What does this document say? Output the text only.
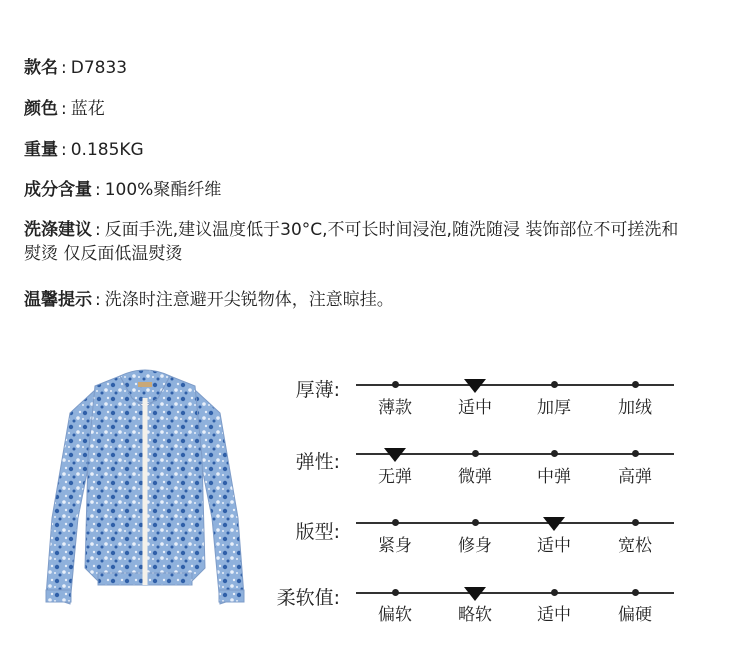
款名 : D7833
颜色 : 蓝花
重量 : 0.185KG
成分含量 : 100%聚酯纤维
洗涤建议 : 反面手洗,建议温度低于30°C,不可长时间浸泡,随洗随浸 装饰部位不可搓洗和熨烫 仅反面低温熨烫
温馨提示 : 洗涤时注意避开尖锐物体，注意晾挂。
厚薄:
薄款	适中	加厚	加绒
弹性:
无弹	微弹	中弹	高弹
版型:
紧身	修身	适中	宽松
柔软值:
偏软	略软	适中	偏硬
